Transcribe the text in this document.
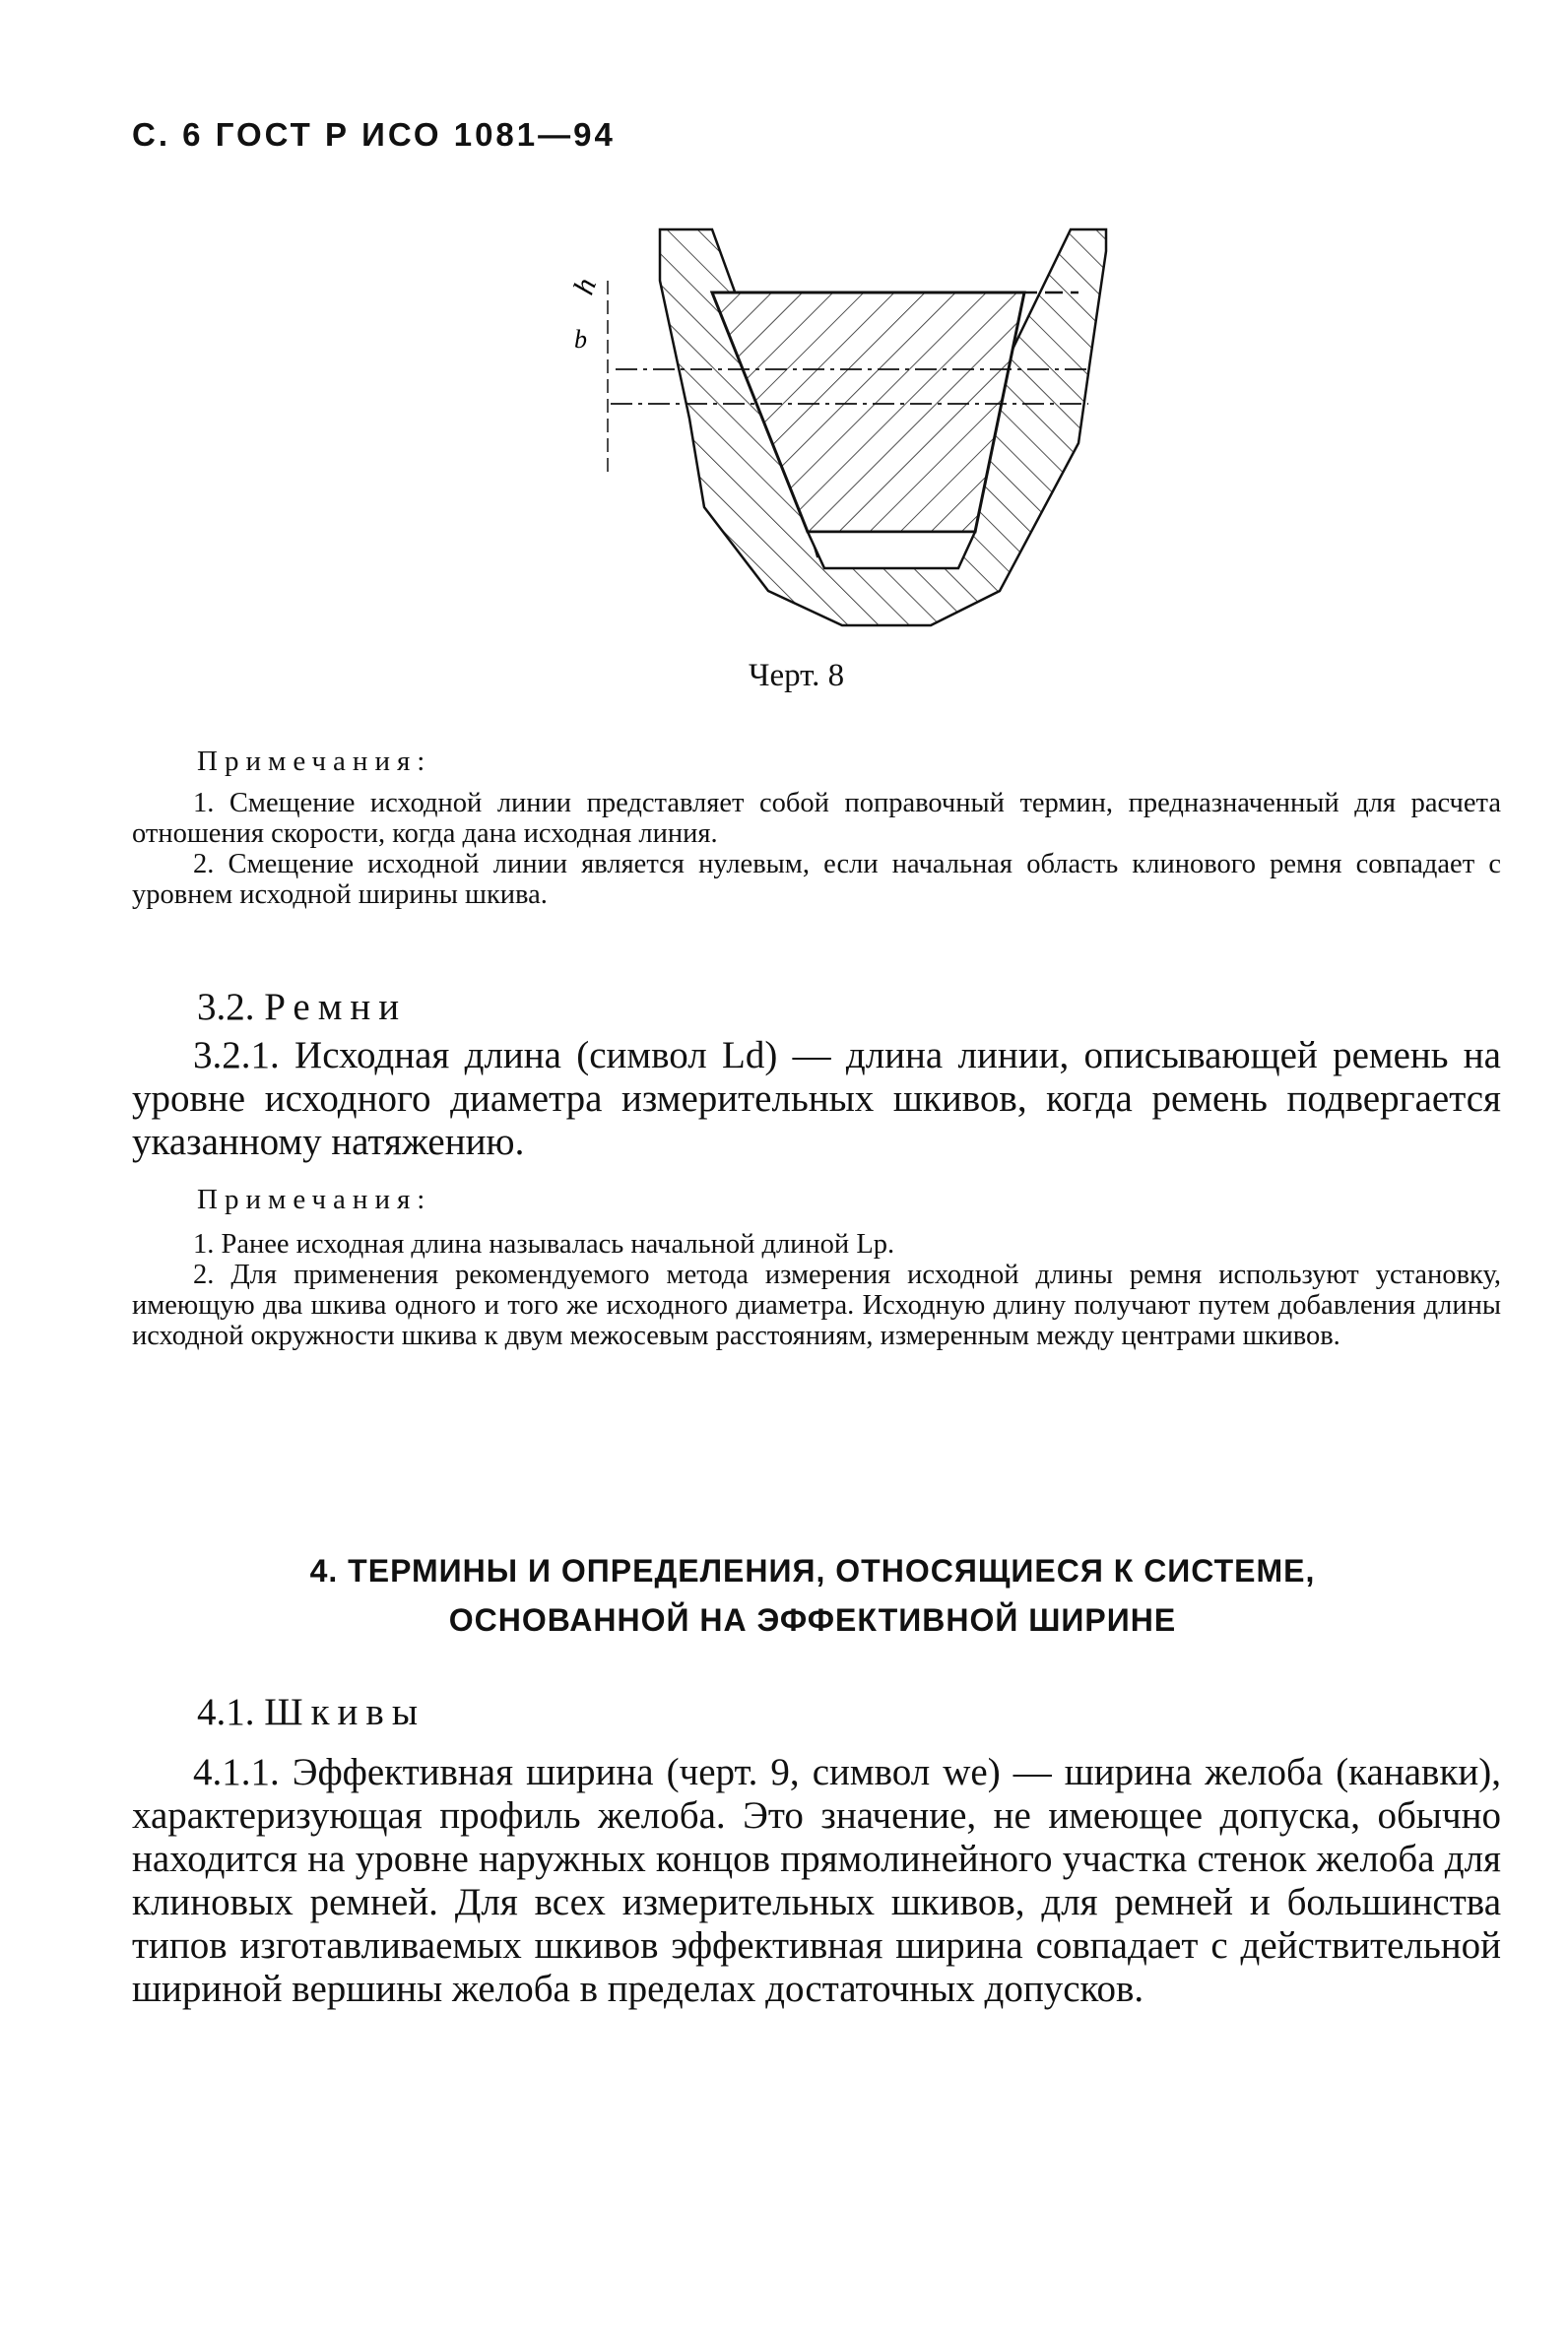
С. 6 ГОСТ Р ИСО 1081—94
h
b
Черт. 8
Примечания:

1. Смещение исходной линии представляет собой поправочный термин, предназначенный для расчета отношения скорости, когда дана исходная линия.

2. Смещение исходной линии является нулевым, если начальная область клинового ремня совпадает с уровнем исходной ширины шкива.

3.2. Ремни

3.2.1. Исходная длина (символ Ld) — длина линии, описывающей ремень на уровне исходного диаметра измерительных шкивов, когда ремень подвергается указанному натяжению.

Примечания:

1. Ранее исходная длина называлась начальной длиной Lp.

2. Для применения рекомендуемого метода измерения исходной длины ремня используют установку, имеющую два шкива одного и того же исходного диаметра. Исходную длину получают путем добавления длины исходной окружности шкива к двум межосевым расстояниям, измеренным между центрами шкивов.

4. ТЕРМИНЫ И ОПРЕДЕЛЕНИЯ, ОТНОСЯЩИЕСЯ К СИСТЕМЕ,
ОСНОВАННОЙ НА ЭФФЕКТИВНОЙ ШИРИНЕ
4.1. Шкивы

4.1.1. Эффективная ширина (черт. 9, символ we) — ширина желоба (канавки), характеризующая профиль желоба. Это значение, не имеющее допуска, обычно находится на уровне наружных концов прямолинейного участка стенок желоба для клиновых ремней. Для всех измерительных шкивов, для ремней и большинства типов изготавливаемых шкивов эффективная ширина совпадает с действительной шириной вершины желоба в пределах достаточных допусков.
